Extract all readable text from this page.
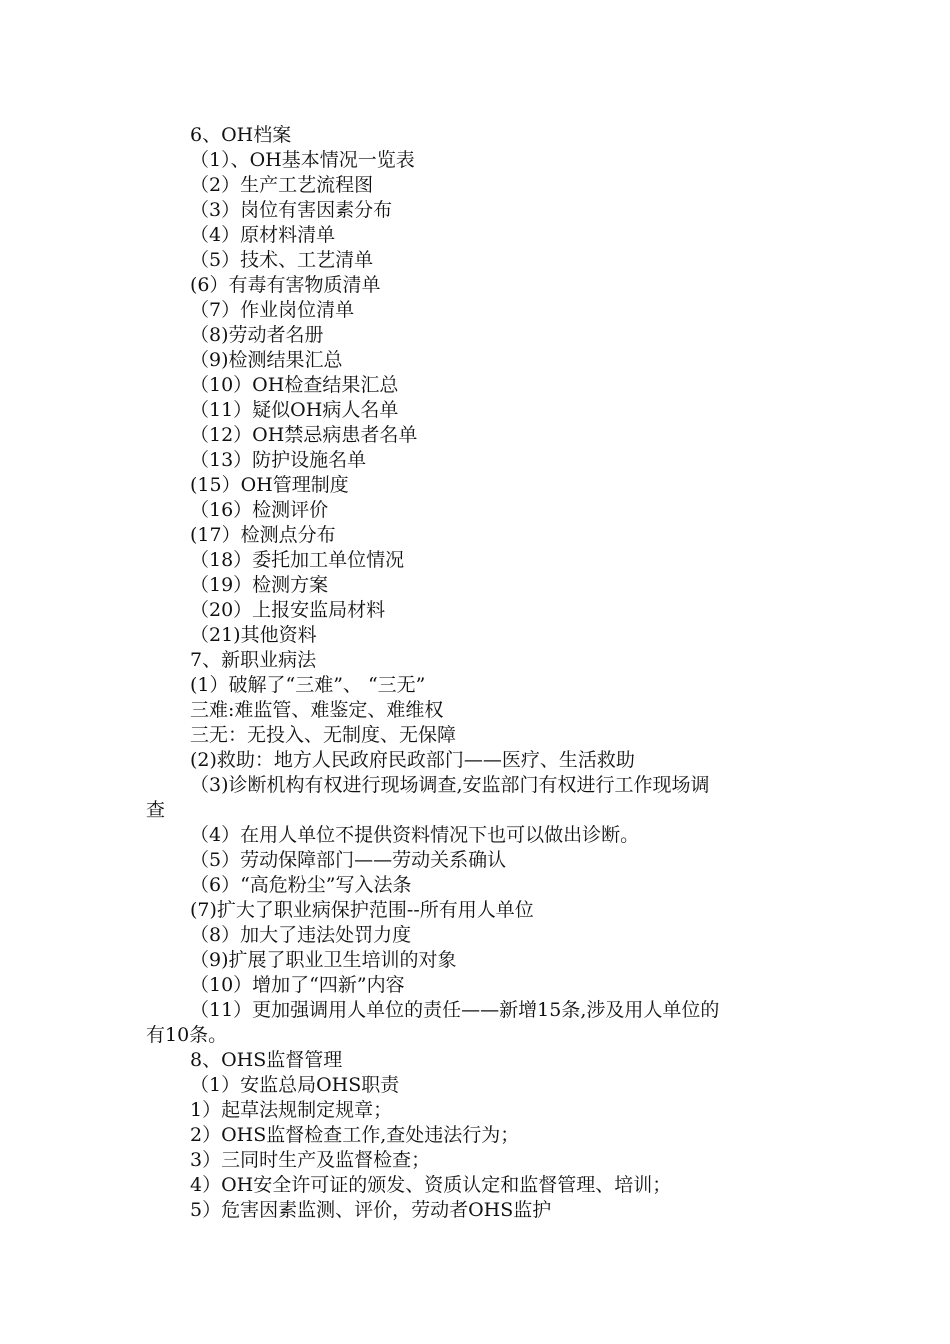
6、OH档案
（1）、OH基本情况一览表
（2）生产工艺流程图
（3）岗位有害因素分布
（4）原材料清单
（5）技术、工艺清单
(6）有毒有害物质清单
（7）作业岗位清单
（8)劳动者名册
（9)检测结果汇总
（10）OH检查结果汇总
（11）疑似OH病人名单
（12）OH禁忌病患者名单
（13）防护设施名单
(15）OH管理制度
（16）检测评价
(17）检测点分布
（18）委托加工单位情况
（19）检测方案
（20）上报安监局材料
（21)其他资料
7、新职业病法
(1）破解了“三难”、 “三无”
三难:难监管、难鉴定、难维权
三无：无投入、无制度、无保障
(2)救助：地方人民政府民政部门——医疗、生活救助
（3)诊断机构有权进行现场调查,安监部门有权进行工作现场调
查
（4）在用人单位不提供资料情况下也可以做出诊断。
（5）劳动保障部门——劳动关系确认
（6）“高危粉尘”写入法条
(7)扩大了职业病保护范围--所有用人单位
（8）加大了违法处罚力度
（9)扩展了职业卫生培训的对象
（10）增加了“四新”内容
（11）更加强调用人单位的责任——新增15条,涉及用人单位的
有10条。
8、OHS监督管理
（1）安监总局OHS职责
1）起草法规制定规章；
2）OHS监督检查工作,查处违法行为；
3）三同时生产及监督检查；
4）OH安全许可证的颁发、资质认定和监督管理、培训；
5）危害因素监测、评价，劳动者OHS监护
